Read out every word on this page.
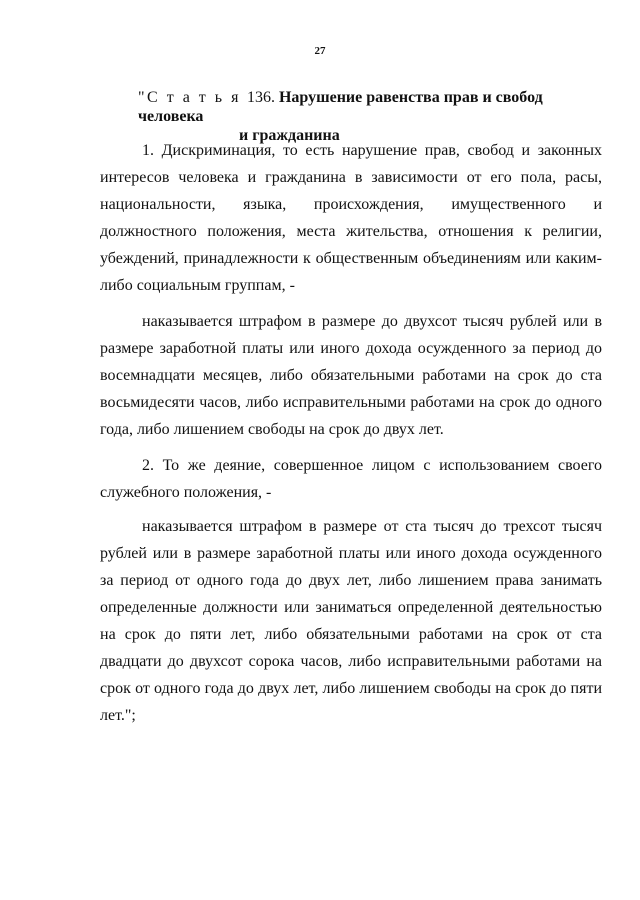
27
"С т а т ь я 136. Нарушение равенства прав и свобод человека
и гражданина

1. Дискриминация, то есть нарушение прав, свобод и законных интересов человека и гражданина в зависимости от его пола, расы, национальности, языка, происхождения, имущественного и должностного положения, места жительства, отношения к религии, убеждений, принадлежности к общественным объединениям или каким-либо социальным группам, -

наказывается штрафом в размере до двухсот тысяч рублей или в размере заработной платы или иного дохода осужденного за период до восемнадцати месяцев, либо обязательными работами на срок до ста восьмидесяти часов, либо исправительными работами на срок до одного года, либо лишением свободы на срок до двух лет.

2. То же деяние, совершенное лицом с использованием своего служебного положения, -

наказывается штрафом в размере от ста тысяч до трехсот тысяч рублей или в размере заработной платы или иного дохода осужденного за период от одного года до двух лет, либо лишением права занимать определенные должности или заниматься определенной деятельностью на срок до пяти лет, либо обязательными работами на срок от ста двадцати до двухсот сорока часов, либо исправительными работами на срок от одного года до двух лет, либо лишением свободы на срок до пяти лет.";
